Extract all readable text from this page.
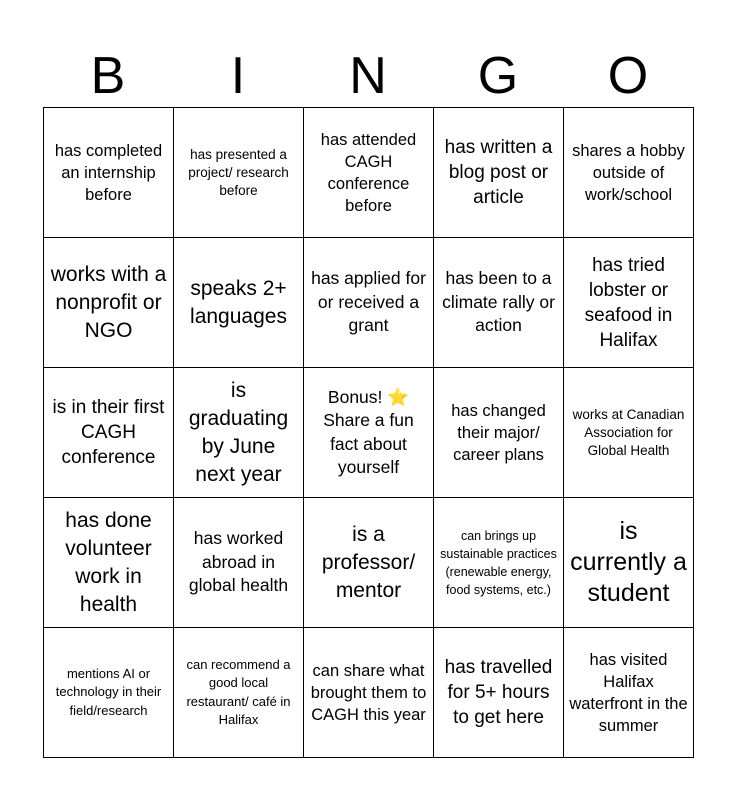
B	I	N	G	O
has completed an internship before
has presented a project/ research before
has attended CAGH conference before
has written a blog post or article
shares a hobby outside of work/school
works with a nonprofit or NGO
speaks 2+ languages
has applied for or received a grant
has been to a climate rally or action
has tried lobster or seafood in Halifax
is in their first CAGH conference
is graduating by June next year
Bonus! ⭐ Share a fun fact about yourself
has changed their major/ career plans
works at Canadian Association for Global Health
has done volunteer work in health
has worked abroad in global health
is a professor/ mentor
can brings up sustainable practices (renewable energy, food systems, etc.)
is currently a student
mentions AI or technology in their field/research
can recommend a good local restaurant/ café in Halifax
can share what brought them to CAGH this year
has travelled for 5+ hours to get here
has visited Halifax waterfront in the summer
